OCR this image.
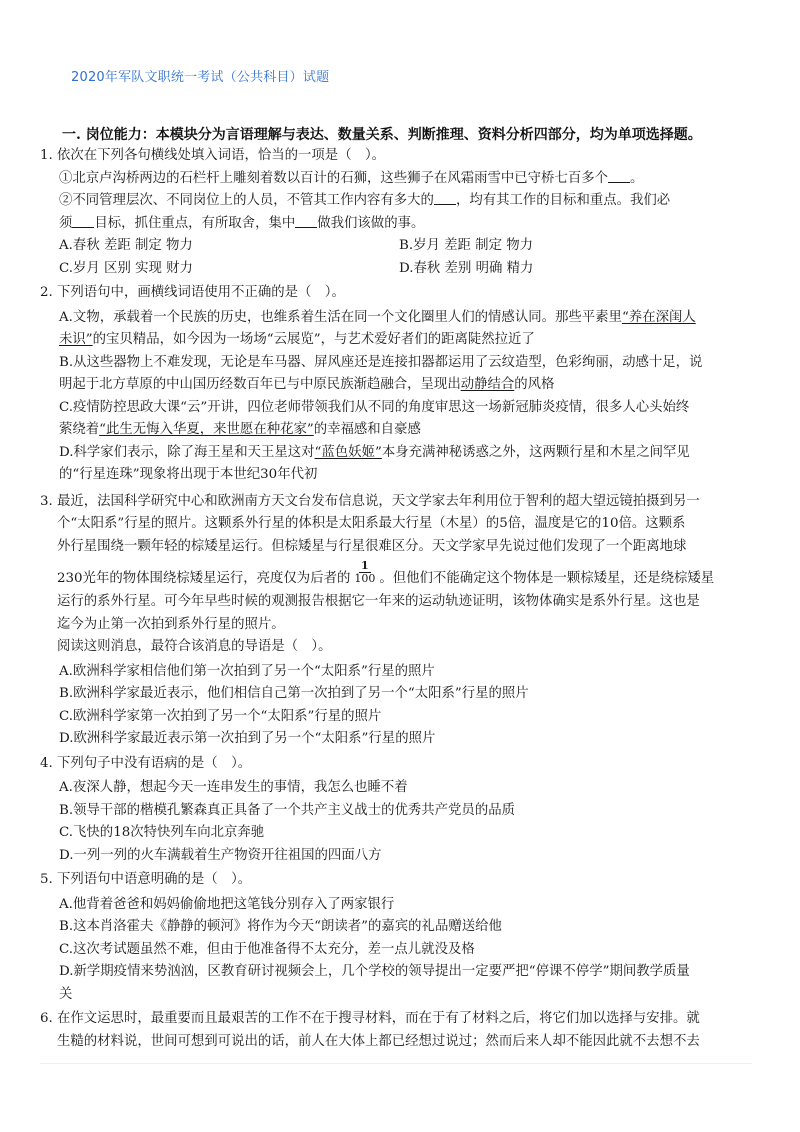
2020年军队文职统一考试（公共科目）试题
一. 岗位能力：本模块分为言语理解与表达、数量关系、判断推理、资料分析四部分，均为单项选择题。
1. 依次在下列各句横线处填入词语，恰当的一项是（　）。
①北京卢沟桥两边的石栏杆上雕刻着数以百计的石狮，这些狮子在风霜雨雪中已守桥七百多个 。
②不同管理层次、不同岗位上的人员，不管其工作内容有多大的 ，均有其工作的目标和重点。我们必
须 目标，抓住重点，有所取舍，集中 做我们该做的事。
A.春秋 差距 制定 物力	B.岁月 差距 制定 物力
C.岁月 区别 实现 财力	D.春秋 差别 明确 精力
2. 下列语句中，画横线词语使用不正确的是（　）。
A.文物，承载着一个民族的历史，也维系着生活在同一个文化圈里人们的情感认同。那些平素里“养在深闺人
未识”的宝贝精品，如今因为一场场“云展览”，与艺术爱好者们的距离陡然拉近了
B.从这些器物上不难发现，无论是车马器、屏风座还是连接扣器都运用了云纹造型，色彩绚丽，动感十足，说
明起于北方草原的中山国历经数百年已与中原民族渐趋融合，呈现出动静结合的风格
C.疫情防控思政大课“云”开讲，四位老师带领我们从不同的角度审思这一场新冠肺炎疫情，很多人心头始终
萦绕着“此生无悔入华夏，来世愿在种花家”的幸福感和自豪感
D.科学家们表示，除了海王星和天王星这对“蓝色妖姬”本身充满神秘诱惑之外，这两颗行星和木星之间罕见
的“行星连珠”现象将出现于本世纪30年代初
3. 最近，法国科学研究中心和欧洲南方天文台发布信息说，天文学家去年利用位于智利的超大望远镜拍摄到另一
个“太阳系”行星的照片。这颗系外行星的体积是太阳系最大行星（木星）的5倍，温度是它的10倍。这颗系
外行星围绕一颗年轻的棕矮星运行。但棕矮星与行星很难区分。天文学家早先说过他们发现了一个距离地球
230光年的物体围绕棕矮星运行，亮度仅为后者的 $\frac{1}{100}$ 。但他们不能确定这个物体是一颗棕矮星，还是绕棕矮星
运行的系外行星。可今年早些时候的观测报告根据它一年来的运动轨迹证明，该物体确实是系外行星。这也是
迄今为止第一次拍到系外行星的照片。
阅读这则消息，最符合该消息的导语是（　）。
A.欧洲科学家相信他们第一次拍到了另一个“太阳系”行星的照片
B.欧洲科学家最近表示，他们相信自己第一次拍到了另一个“太阳系”行星的照片
C.欧洲科学家第一次拍到了另一个“太阳系”行星的照片
D.欧洲科学家最近表示第一次拍到了另一个“太阳系”行星的照片
4. 下列句子中没有语病的是（　）。
A.夜深人静，想起今天一连串发生的事情，我怎么也睡不着
B.领导干部的楷模孔繁森真正具备了一个共产主义战士的优秀共产党员的品质
C.飞快的18次特快列车向北京奔驰
D.一列一列的火车满载着生产物资开往祖国的四面八方
5. 下列语句中语意明确的是（　）。
A.他背着爸爸和妈妈偷偷地把这笔钱分别存入了两家银行
B.这本肖洛霍夫《静静的顿河》将作为今天“朗读者”的嘉宾的礼品赠送给他
C.这次考试题虽然不难，但由于他准备得不太充分，差一点儿就没及格
D.新学期疫情来势汹汹，区教育研讨视频会上，几个学校的领导提出一定要严把“停课不停学”期间教学质量
关
6. 在作文运思时，最重要而且最艰苦的工作不在于搜寻材料，而在于有了材料之后，将它们加以选择与安排。就
生糙的材料说，世间可想到可说出的话，前人在大体上都已经想过说过；然而后来人却不能因此就不去想不去
